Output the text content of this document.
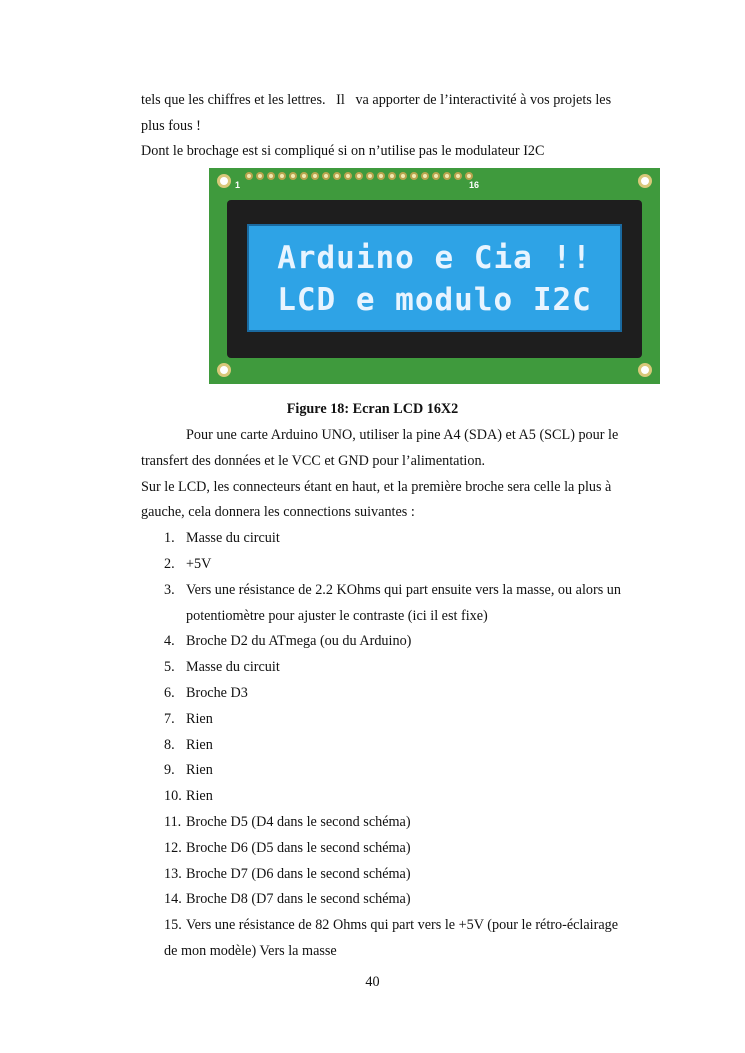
tels que les chiffres et les lettres.   Il   va apporter de l’interactivité à vos projets les

plus fous !

Dont le brochage est si compliqué si on n’utilise pas le modulateur I2C

1	16
Arduino e Cia !!
LCD e modulo I2C

Figure 18: Ecran LCD 16X2

Pour une carte Arduino UNO, utiliser la pine A4 (SDA) et A5 (SCL) pour le

transfert des données et le VCC et GND pour l’alimentation.

Sur le LCD, les connecteurs étant en haut, et la première broche sera celle la plus à

gauche, cela donnera les connections suivantes :

1. Masse du circuit
2. +5V
3. Vers une résistance de 2.2 KOhms qui part ensuite vers la masse, ou alors un
potentiomètre pour ajuster le contraste (ici il est fixe)
4. Broche D2 du ATmega (ou du Arduino)
5. Masse du circuit
6. Broche D3
7. Rien
8. Rien
9. Rien
10. Rien
11. Broche D5 (D4 dans le second schéma)
12. Broche D6 (D5 dans le second schéma)
13. Broche D7 (D6 dans le second schéma)
14. Broche D8 (D7 dans le second schéma)
15. Vers une résistance de 82 Ohms qui part vers le +5V (pour le rétro-éclairage
de mon modèle) Vers la masse

40
